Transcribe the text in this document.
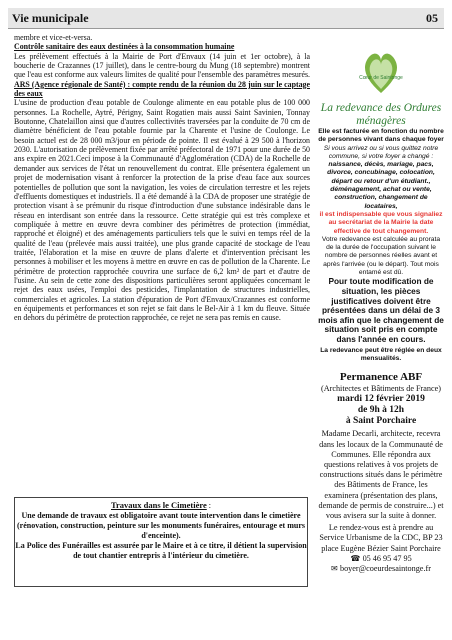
Vie municipale	05

membre et vice-et-versa.

Contrôle sanitaire des eaux destinées à la consommation humaine

Les prélèvement effectués à la Mairie de Port d'Envaux (14 juin et 1er octobre), à la boucherie de Crazannes (17 juillet), dans le centre-bourg du Mung (18 septembre) montrent que l'eau est conforme aux valeurs limites de qualité pour l'ensemble des paramètres mesurés.

ARS (Agence régionale de Santé) : compte rendu de la réunion du 28 juin sur le captage des eaux

L'usine de production d'eau potable de Coulonge alimente en eau potable plus de 100 000 personnes. La Rochelle, Aytré, Périgny, Saint Rogatien mais aussi Saint Savinien, Tonnay Boutonne, Chatelaillon ainsi que d'autres collectivités traversées par la conduite de 70 cm de diamètre bénéficient de l'eau potable fournie par la Charente et l'usine de Coulonge. Le besoin actuel est de 28 000 m3/jour en période de pointe. Il est évalué à 29 500 à l'horizon 2030. L'autorisation de prélèvement fixée par arrêté préfectoral de 1971 pour une durée de 50 ans expire en 2021.Ceci impose à la Communauté d'Agglomération (CDA) de la Rochelle de demander aux services de l'état un renouvellement du contrat. Elle présentera également un projet de modernisation visant à renforcer la protection de la prise d'eau face aux sources potentielles de pollution que sont la navigation, les voies de circulation terrestre et les rejets d'effluents domestiques et industriels. Il a été demandé à la CDA de proposer une stratégie de protection visant à se prémunir du risque d'introduction d'une substance indésirable dans le réseau en interdisant son entrée dans la ressource. Cette stratégie qui est très complexe et compliquée à mettre en œuvre devra combiner des périmètres de protection (immédiat, rapproché et éloigné) et des aménagements particuliers tels que le suivi en temps réel de la qualité de l'eau (prélevée mais aussi traitée), une plus grande capacité de stockage de l'eau traitée, l'élaboration et la mise en œuvre de plans d'alerte et d'intervention précisant les personnes à mobiliser et les moyens à mettre en œuvre en cas de pollution de la Charente. Le périmètre de protection rapprochée couvrira une surface de 6,2 km² de part et d'autre de l'usine. Au sein de cette zone des dispositions particulières seront appliquées concernant le rejet des eaux usées, l'emploi des pesticides, l'implantation de structures industrielles, commerciales et agricoles. La station d'épuration de Port d'Envaux/Crazannes est conforme en équipements et performances et son rejet se fait dans le Bel-Air à 1 km du fleuve. Située en dehors du périmètre de protection rapprochée, ce rejet ne sera pas remis en cause.

Travaux dans le Cimetière :
Une demande de travaux est obligatoire avant toute intervention dans le cimetière (rénovation, construction, peinture sur les monuments funéraires, entourage et murs d'enceinte).
La Police des Funérailles est assurée par le Maire et à ce titre, il détient la supervision de tout chantier entrepris à l'intérieur du cimetière.
Cœur de Saintonge

La redevance des Ordures ménagères

Elle est facturée en fonction du nombre de personnes vivant dans chaque foyer

Si vous arrivez ou si vous quittez notre commune, si votre foyer a changé :

naissance, décès, mariage, pacs, divorce, concubinage, colocation, départ ou retour d'un étudiant., déménagement, achat ou vente, construction, changement de locataires,

il est indispensable que vous signaliez au secrétariat de la Mairie la date effective de tout changement.

Votre redevance est calculée au prorata de la durée de l'occupation suivant le nombre de personnes réelles avant et après l'arrivée (ou le départ). Tout mois entamé est dû.

Pour toute modification de situation, les pièces justificatives doivent être présentées dans un délai de 3 mois afin que le changement de situation soit pris en compte dans l'année en cours.

La redevance peut être réglée en deux mensualités.

Permanence ABF

(Architectes et Bâtiments de France)

mardi 12 février 2019

de 9h à 12h

à Saint Porchaire

Madame Decarli, architecte, recevra dans les locaux de la Communauté de Communes. Elle répondra aux questions relatives à vos projets de constructions situés dans le périmètre des Bâtiments de France, les examinera (présentation des plans, demande de permis de construire...) et vous avisera sur la suite à donner.

Le rendez-vous est à prendre au Service Urbanisme de la CDC, BP 23 place Eugène Bézier Saint Porchaire

☎ 05 46 95 47 95

✉ boyer@coeurdesaintonge.fr
